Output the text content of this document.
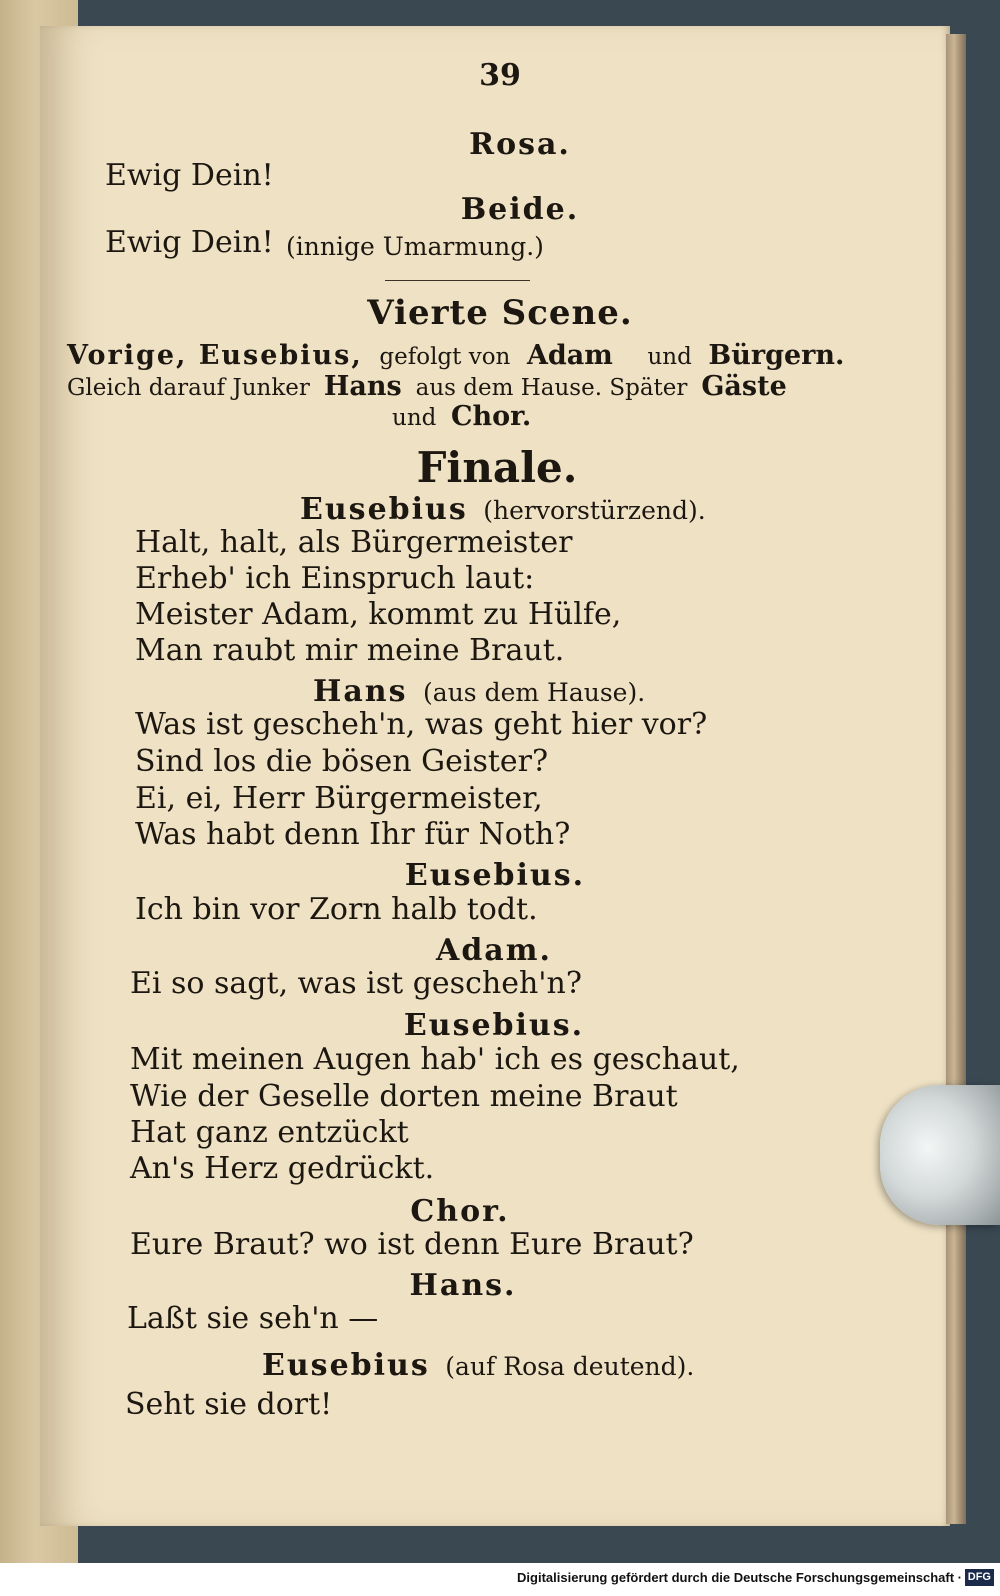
39
Rosa.
Ewig Dein!
Beide.
Ewig Dein! (innige Umarmung.)
Vierte Scene.
Vorige, Eusebius, gefolgt von Adam und Bürgern.
Gleich darauf Junker Hans aus dem Hause. Später Gäste
und Chor.
Finale.
Eusebius (hervorstürzend).
Halt, halt, als Bürgermeister
Erheb' ich Einspruch laut:
Meister Adam, kommt zu Hülfe,
Man raubt mir meine Braut.
Hans (aus dem Hause).
Was ist gescheh'n, was geht hier vor?
Sind los die bösen Geister?
Ei, ei, Herr Bürgermeister,
Was habt denn Ihr für Noth?
Eusebius.
Ich bin vor Zorn halb todt.
Adam.
Ei so sagt, was ist gescheh'n?
Eusebius.
Mit meinen Augen hab' ich es geschaut,
Wie der Geselle dorten meine Braut
Hat ganz entzückt
An's Herz gedrückt.
Chor.
Eure Braut? wo ist denn Eure Braut?
Hans.
Laßt sie seh'n —
Eusebius (auf Rosa deutend).
Seht sie dort!
Digitalisierung gefördert durch die Deutsche Forschungsgemeinschaft · DFG
